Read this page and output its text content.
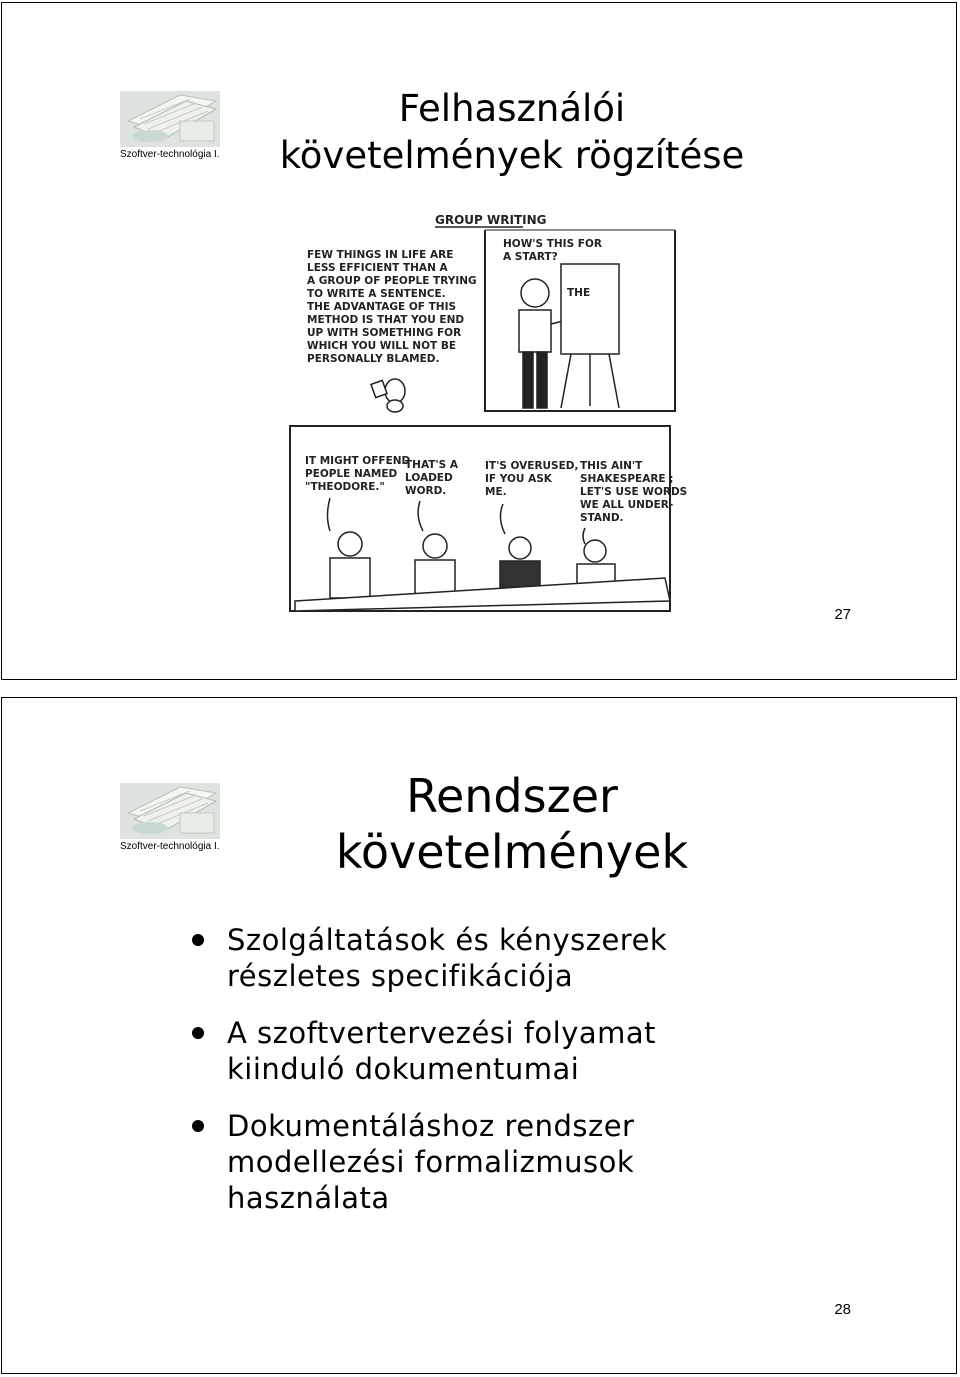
Szoftver-technológia I.
Felhasználói
követelmények rögzítése
GROUP WRITING
FEW THINGS IN LIFE ARE
LESS EFFICIENT THAN A
A GROUP OF PEOPLE TRYING
TO WRITE A SENTENCE.
THE ADVANTAGE OF THIS
METHOD IS THAT YOU END
UP WITH SOMETHING FOR
WHICH YOU WILL NOT BE
PERSONALLY BLAMED.
HOW'S THIS FOR
A START?
THE
IT MIGHT OFFEND
PEOPLE NAMED
"THEODORE."
THAT'S A
LOADED
WORD.
IT'S OVERUSED,
IF YOU ASK
ME.
THIS AIN'T
SHAKESPEARE ;
LET'S USE WORDS
WE ALL UNDER-
STAND.
27
Szoftver-technológia I.
Rendszer
követelmények
Szolgáltatások és kényszerek
részletes specifikációja
A szoftvertervezési folyamat
kiinduló dokumentumai
Dokumentáláshoz rendszer
modellezési formalizmusok
használata
28
